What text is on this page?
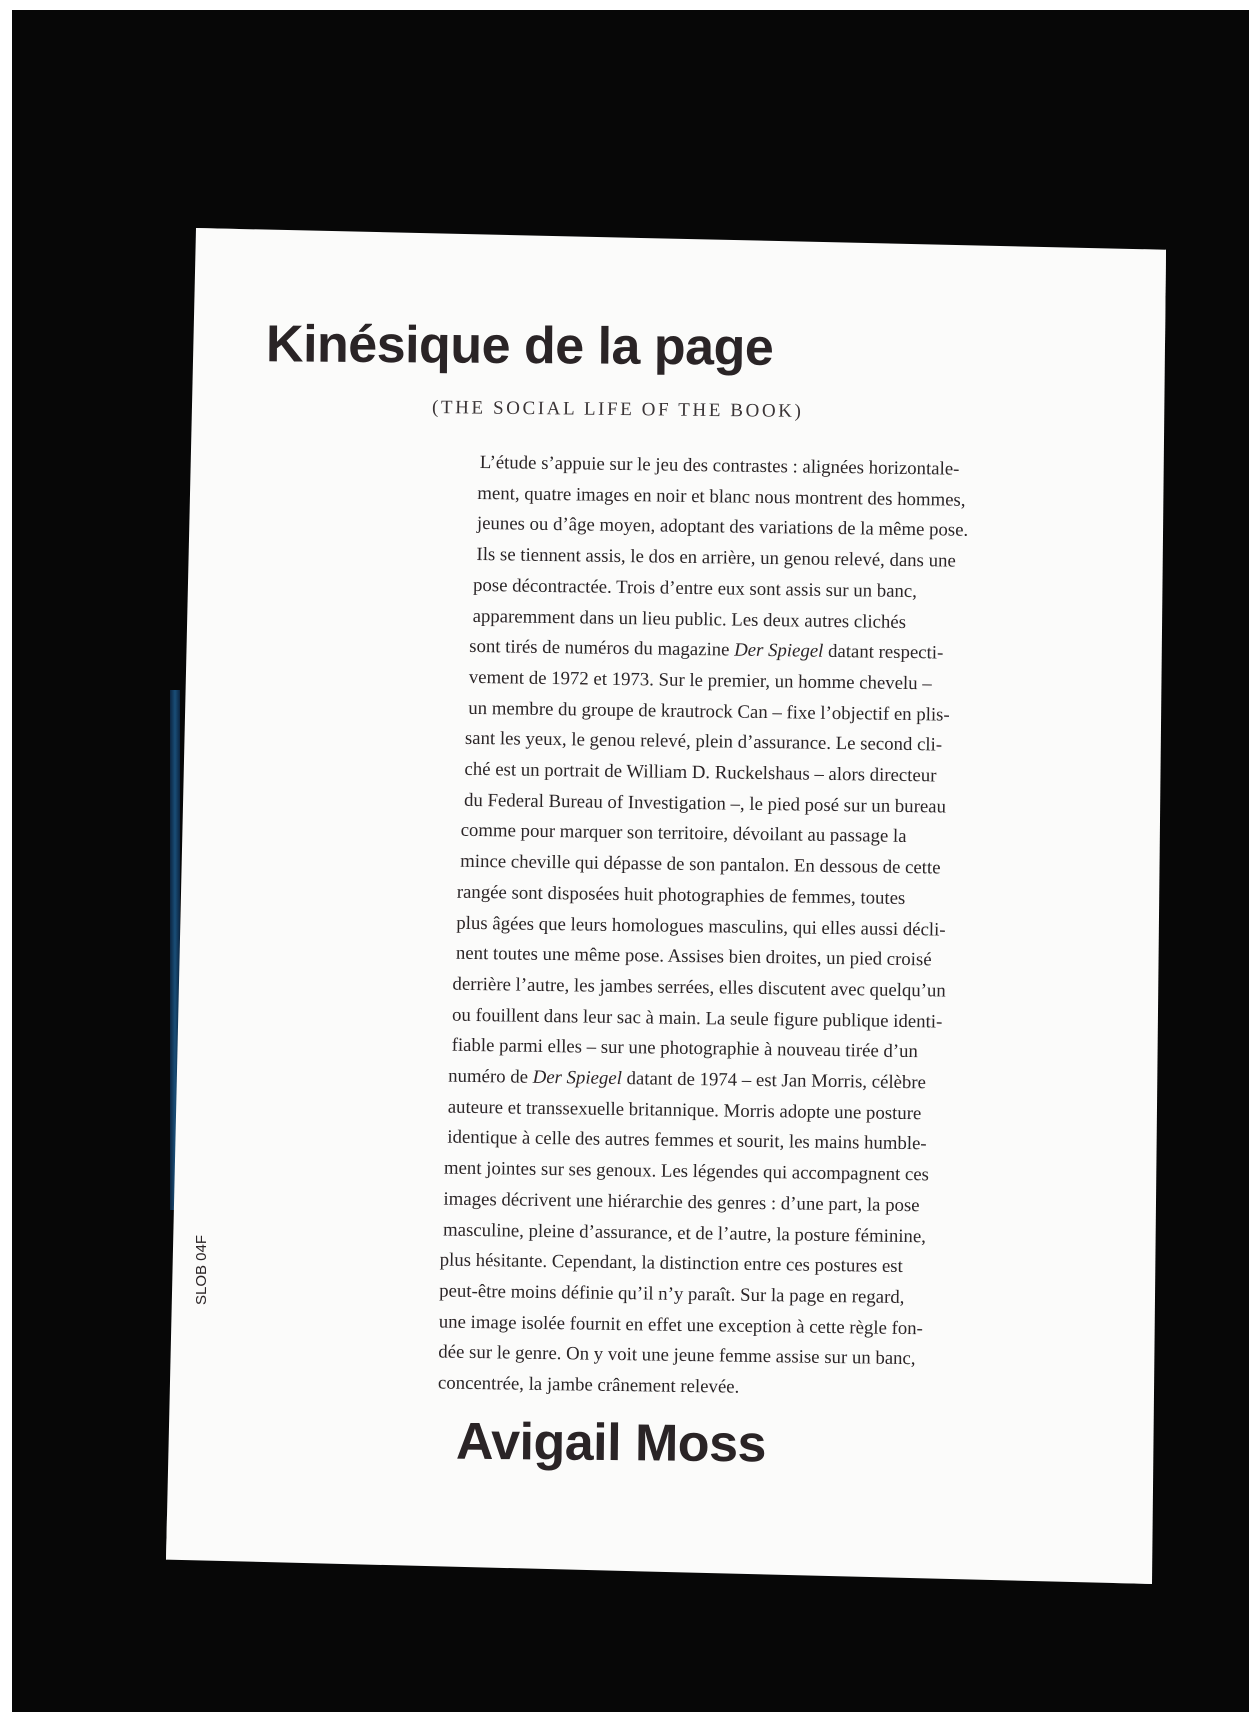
Kinésique de la page
(THE SOCIAL LIFE OF THE BOOK)
L’étude s’appuie sur le jeu des contrastes : alignées horizontale-
ment, quatre images en noir et blanc nous montrent des hommes,
jeunes ou d’âge moyen, adoptant des variations de la même pose.
Ils se tiennent assis, le dos en arrière, un genou relevé, dans une
pose décontractée. Trois d’entre eux sont assis sur un banc,
apparemment dans un lieu public. Les deux autres clichés
sont tirés de numéros du magazine Der Spiegel datant respecti-
vement de 1972 et 1973. Sur le premier, un homme chevelu –
un membre du groupe de krautrock Can – fixe l’objectif en plis-
sant les yeux, le genou relevé, plein d’assurance. Le second cli-
ché est un portrait de William D. Ruckelshaus – alors directeur
du Federal Bureau of Investigation –, le pied posé sur un bureau
comme pour marquer son territoire, dévoilant au passage la
mince cheville qui dépasse de son pantalon. En dessous de cette
rangée sont disposées huit photographies de femmes, toutes
plus âgées que leurs homologues masculins, qui elles aussi décli-
nent toutes une même pose. Assises bien droites, un pied croisé
derrière l’autre, les jambes serrées, elles discutent avec quelqu’un
ou fouillent dans leur sac à main. La seule figure publique identi-
fiable parmi elles – sur une photographie à nouveau tirée d’un
numéro de Der Spiegel datant de 1974 – est Jan Morris, célèbre
auteure et transsexuelle britannique. Morris adopte une posture
identique à celle des autres femmes et sourit, les mains humble-
ment jointes sur ses genoux. Les légendes qui accompagnent ces
images décrivent une hiérarchie des genres : d’une part, la pose
masculine, pleine d’assurance, et de l’autre, la posture féminine,
plus hésitante. Cependant, la distinction entre ces postures est
peut-être moins définie qu’il n’y paraît. Sur la page en regard,
une image isolée fournit en effet une exception à cette règle fon-
dée sur le genre. On y voit une jeune femme assise sur un banc,
concentrée, la jambe crânement relevée.
Avigail Moss
SLOB 04F
